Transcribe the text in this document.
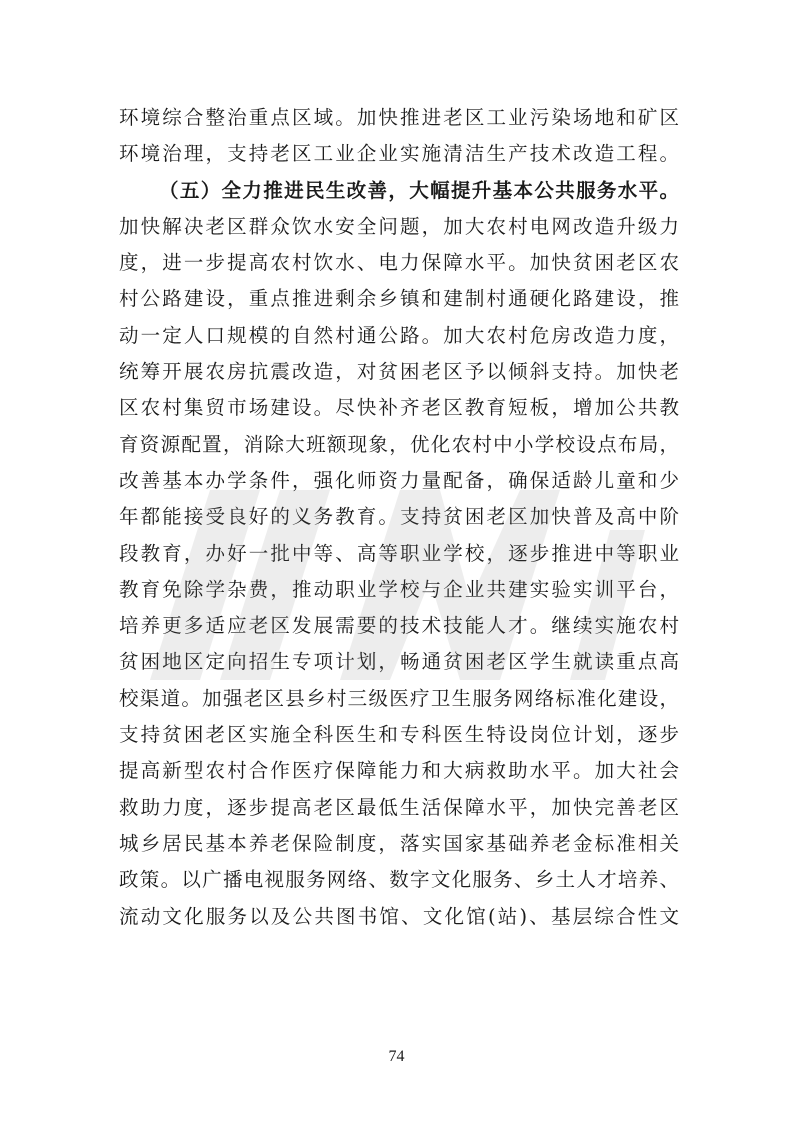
环境综合整治重点区域。加快推进老区工业污染场地和矿区
环境治理，支持老区工业企业实施清洁生产技术改造工程。
（五）全力推进民生改善，大幅提升基本公共服务水平。
加快解决老区群众饮水安全问题，加大农村电网改造升级力
度，进一步提高农村饮水、电力保障水平。加快贫困老区农
村公路建设，重点推进剩余乡镇和建制村通硬化路建设，推
动一定人口规模的自然村通公路。加大农村危房改造力度，
统筹开展农房抗震改造，对贫困老区予以倾斜支持。加快老
区农村集贸市场建设。尽快补齐老区教育短板，增加公共教
育资源配置，消除大班额现象，优化农村中小学校设点布局，
改善基本办学条件，强化师资力量配备，确保适龄儿童和少
年都能接受良好的义务教育。支持贫困老区加快普及高中阶
段教育，办好一批中等、高等职业学校，逐步推进中等职业
教育免除学杂费，推动职业学校与企业共建实验实训平台，
培养更多适应老区发展需要的技术技能人才。继续实施农村
贫困地区定向招生专项计划，畅通贫困老区学生就读重点高
校渠道。加强老区县乡村三级医疗卫生服务网络标准化建设，
支持贫困老区实施全科医生和专科医生特设岗位计划，逐步
提高新型农村合作医疗保障能力和大病救助水平。加大社会
救助力度，逐步提高老区最低生活保障水平，加快完善老区
城乡居民基本养老保险制度，落实国家基础养老金标准相关
政策。以广播电视服务网络、数字文化服务、乡土人才培养、
流动文化服务以及公共图书馆、文化馆(站)、基层综合性文
74
